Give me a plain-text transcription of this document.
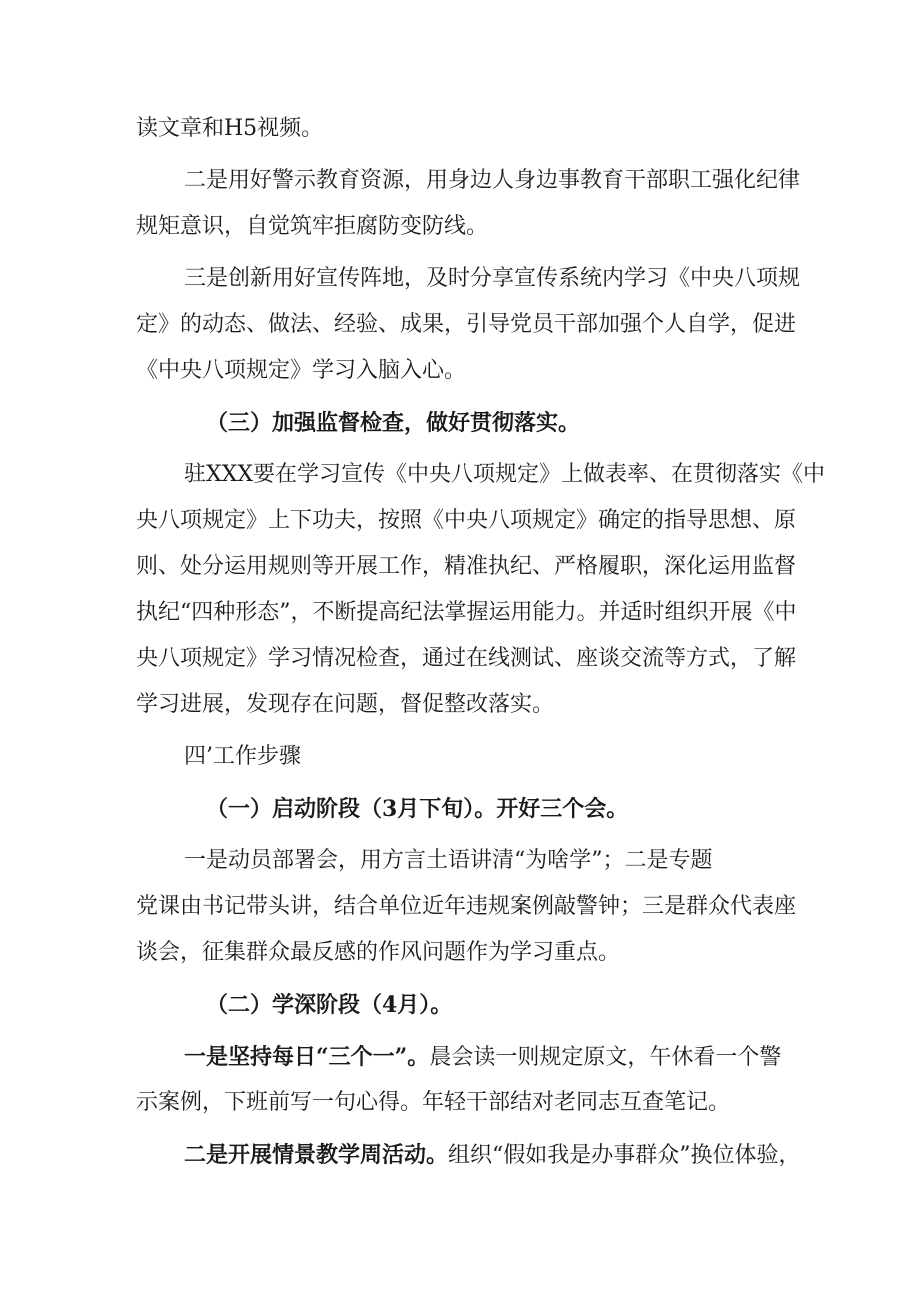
读文章和H5视频。
二是用好警示教育资源，用身边人身边事教育干部职工强化纪律
规矩意识，自觉筑牢拒腐防变防线。
三是创新用好宣传阵地，及时分享宣传系统内学习《中央八项规
定》的动态、做法、经验、成果，引导党员干部加强个人自学，促进
《中央八项规定》学习入脑入心。
（三）加强监督检查，做好贯彻落实。
驻XXX要在学习宣传《中央八项规定》上做表率、在贯彻落实《中
央八项规定》上下功夫，按照《中央八项规定》确定的指导思想、原
则、处分运用规则等开展工作，精准执纪、严格履职，深化运用监督
执纪“四种形态”，不断提高纪法掌握运用能力。并适时组织开展《中
央八项规定》学习情况检查，通过在线测试、座谈交流等方式，了解
学习进展，发现存在问题，督促整改落实。
四’工作步骤
（一）启动阶段（3月下旬）。开好三个会。
一是动员部署会，用方言土语讲清“为啥学”；二是专题
党课由书记带头讲，结合单位近年违规案例敲警钟；三是群众代表座
谈会，征集群众最反感的作风问题作为学习重点。
（二）学深阶段（4月）。
一是坚持每日“三个一”。晨会读一则规定原文，午休看一个警
示案例，下班前写一句心得。年轻干部结对老同志互查笔记。
二是开展情景教学周活动。组织“假如我是办事群众”换位体验，
